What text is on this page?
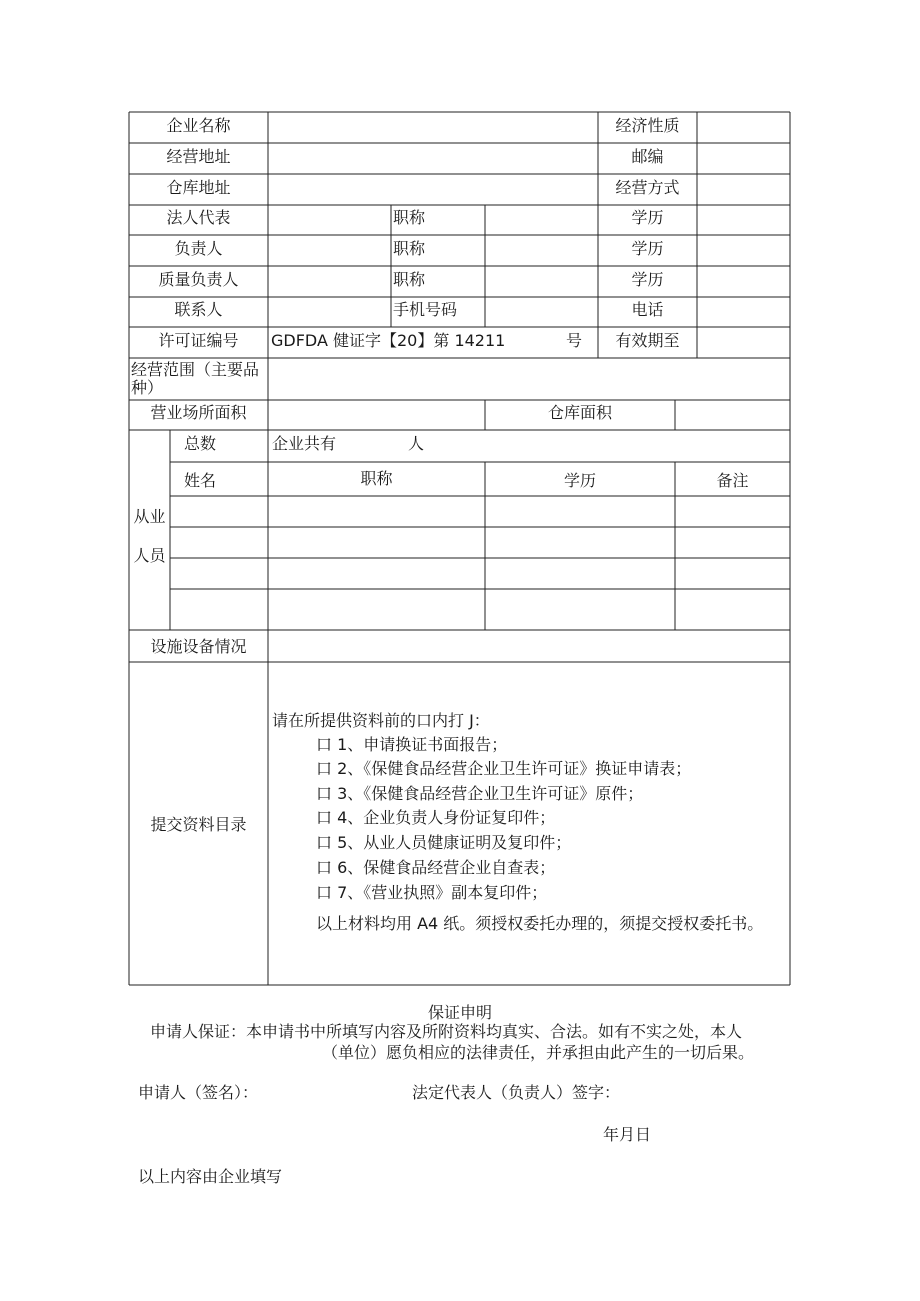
企业名称	经济性质
经营地址	邮编
仓库地址	经营方式
法人代表	职称	学历
负责人	职称	学历
质量负责人	职称	学历
联系人	手机号码	电话
许可证编号	GDFDA 健证字【20】第 14211	号	有效期至
经营范围（主要品种）
营业场所面积	仓库面积
从业
人员
总数	企业共有	人
姓名	职称	学历	备注
设施设备情况
提交资料目录
请在所提供资料前的口内打 J：
口 1、申请换证书面报告；
口 2、《保健食品经营企业卫生许可证》换证申请表；
口 3、《保健食品经营企业卫生许可证》原件；
口 4、企业负责人身份证复印件；
口 5、从业人员健康证明及复印件；
口 6、保健食品经营企业自查表；
口 7、《营业执照》副本复印件；
以上材料均用 A4 纸。须授权委托办理的，须提交授权委托书。
保证申明
申请人保证：本申请书中所填写内容及所附资料均真实、合法。如有不实之处，本人
（单位）愿负相应的法律责任，并承担由此产生的一切后果。
申请人（签名）：	法定代表人（负责人）签字：
年月日
以上内容由企业填写
